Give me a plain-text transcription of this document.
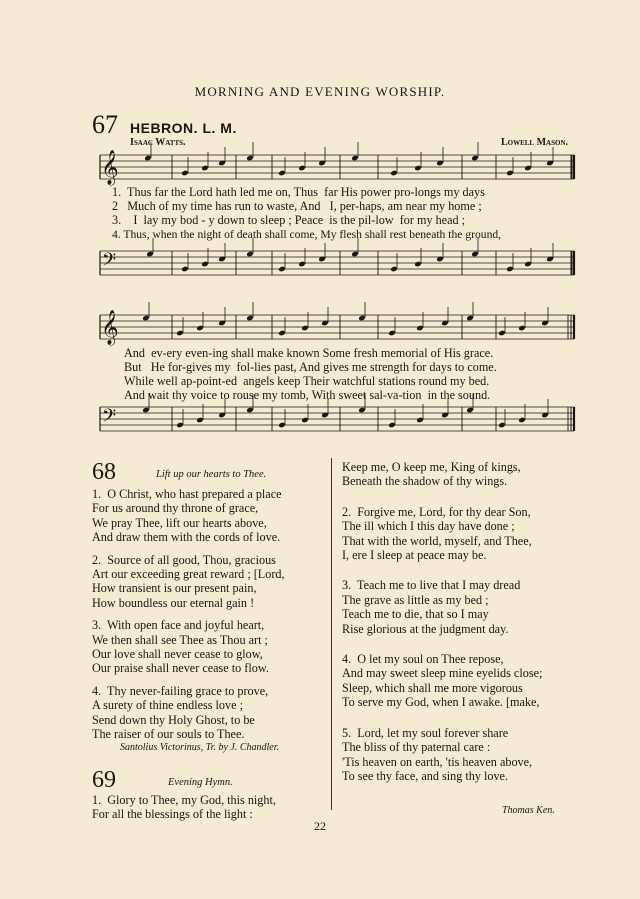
MORNING AND EVENING WORSHIP.
67 HEBRON. L. M.
Isaac Watts.	Lowell Mason.
𝄞
𝄞
𝄢
𝄢
1.  Thus far the Lord hath led me on, Thus  far His power pro-longs my days
2   Much of my time has run to waste, And   I, per-haps, am near my home ;
3.    I  lay my bod - y down to sleep ; Peace  is the pil-low  for my head ;
4. Thus, when the night of death shall come, My flesh shall rest beneath the ground,
And  ev-ery even-ing shall make known Some fresh memorial of His grace.
But   He for-gives my  fol-lies past, And gives me strength for days to come.
While well ap-point-ed  angels keep Their watchful stations round my bed.
And wait thy voice to rouse my tomb, With sweet sal-va-tion  in the sound.
68	Lift up our hearts to Thee.
1.  O Christ, who hast prepared a place
For us around thy throne of grace,
We pray Thee, lift our hearts above,
And draw them with the cords of love.

2.  Source of all good, Thou, gracious
Art our exceeding great reward ; [Lord,
How transient is our present pain,
How boundless our eternal gain !

3.  With open face and joyful heart,
We then shall see Thee as Thou art ;
Our love shall never cease to glow,
Our praise shall never cease to flow.

4.  Thy never-failing grace to prove,
A surety of thine endless love ;
Send down thy Holy Ghost, to be
The raiser of our souls to Thee.
Santolius Victorinus, Tr. by J. Chandler.
69	Evening Hymn.
1.  Glory to Thee, my God, this night,
For all the blessings of the light :
Keep me, O keep me, King of kings,
Beneath the shadow of thy wings.

2.  Forgive me, Lord, for thy dear Son,
The ill which I this day have done ;
That with the world, myself, and Thee,
I, ere I sleep at peace may be.

3.  Teach me to live that I may dread
The grave as little as my bed ;
Teach me to die, that so I may
Rise glorious at the judgment day.

4.  O let my soul on Thee repose,
And may sweet sleep mine eyelids close;
Sleep, which shall me more vigorous
To serve my God, when I awake. [make,

5.  Lord, let my soul forever share
The bliss of thy paternal care :
'Tis heaven on earth, 'tis heaven above,
To see thy face, and sing thy love.
Thomas Ken.
22
